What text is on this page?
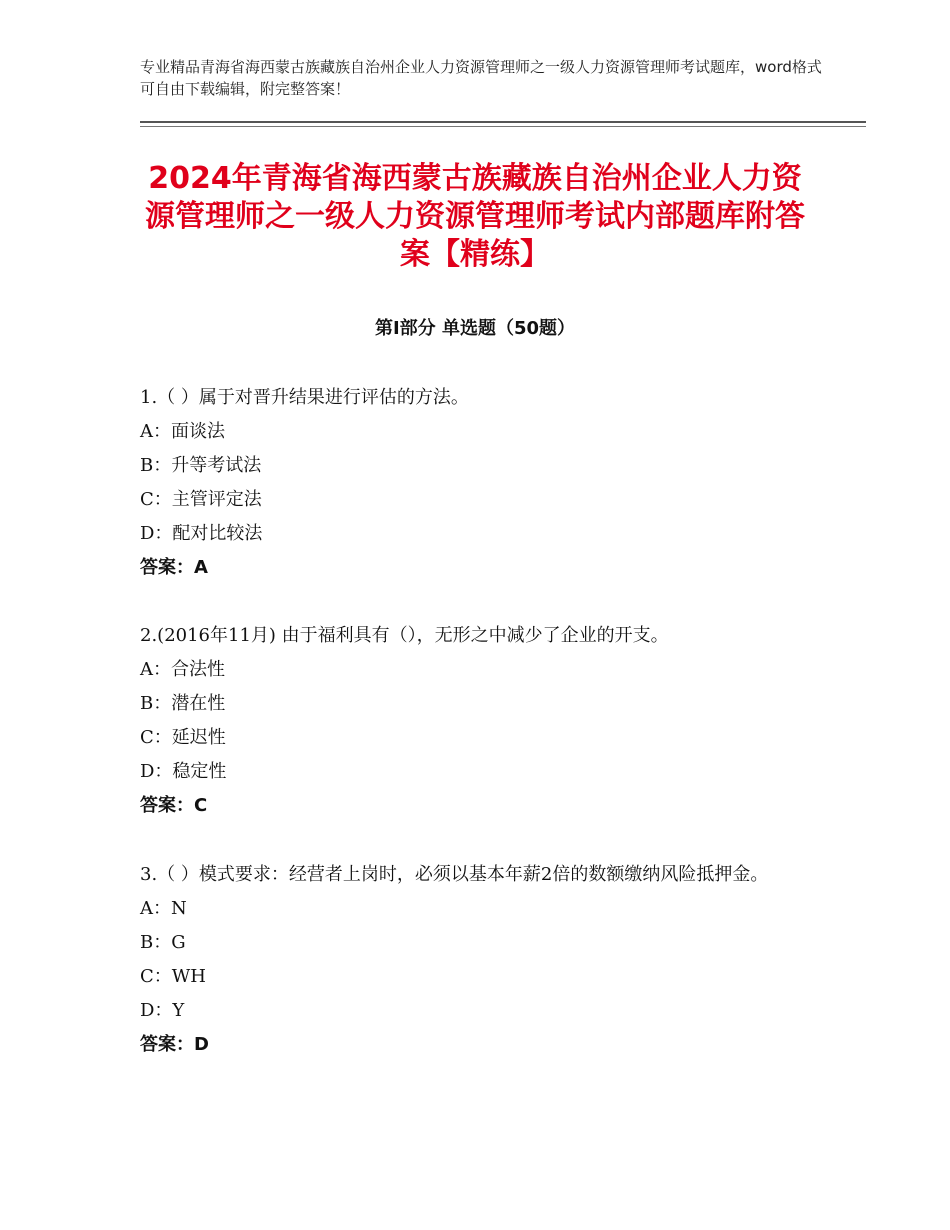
专业精品青海省海西蒙古族藏族自治州企业人力资源管理师之一级人力资源管理师考试题库，word格式可自由下载编辑，附完整答案！
2024年青海省海西蒙古族藏族自治州企业人力资源管理师之一级人力资源管理师考试内部题库附答案【精练】
第Ⅰ部分 单选题（50题）

1.（ ）属于对晋升结果进行评估的方法。

A：面谈法

B：升等考试法

C：主管评定法

D：配对比较法

答案：A

2.(2016年11月) 由于福利具有（），无形之中减少了企业的开支。

A：合法性

B：潜在性

C：延迟性

D：稳定性

答案：C

3.（ ）模式要求：经营者上岗时，必须以基本年薪2倍的数额缴纳风险抵押金。

A：N

B：G

C：WH

D：Y

答案：D
